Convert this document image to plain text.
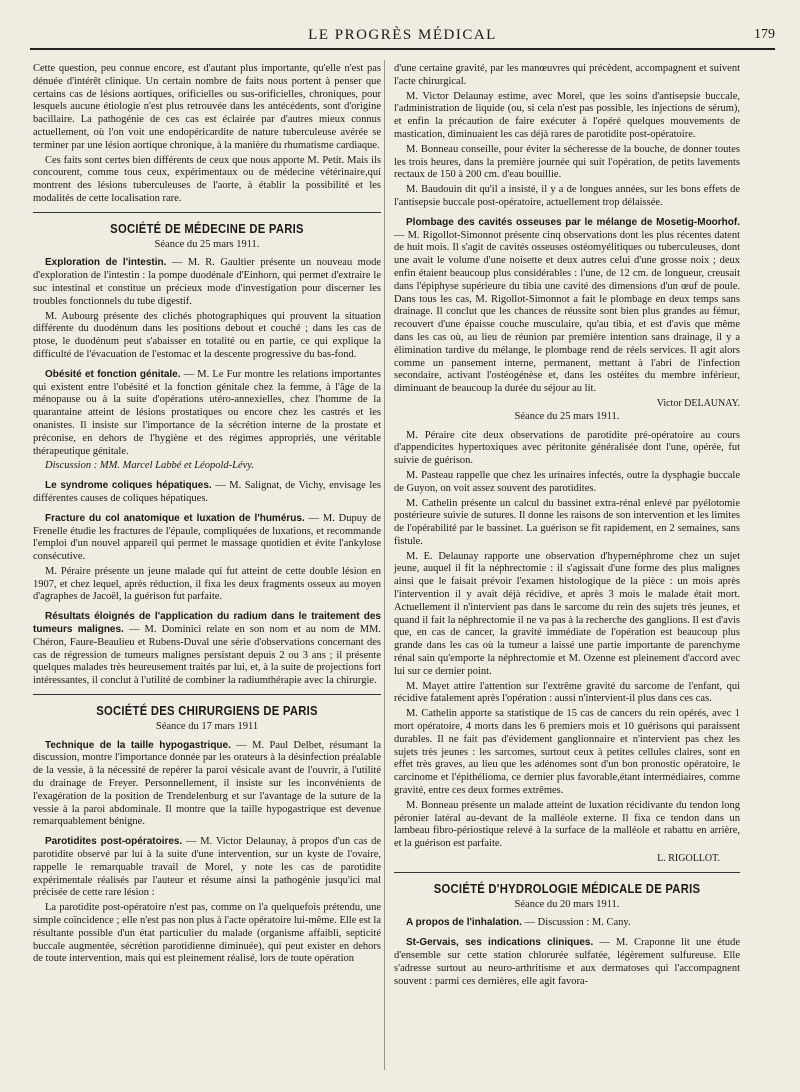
LE PROGRÈS MÉDICAL	179

Cette question, peu connue encore, est d'autant plus importante, qu'elle n'est pas dénuée d'intérêt clinique. Un certain nombre de faits nous portent à penser que certains cas de lésions aortiques, orificielles ou sus-orificielles, chroniques, pour lesquels aucune étiologie n'est plus retrouvée dans les antécédents, sont d'origine bacillaire. La pathogénie de ces cas est éclairée par d'autres mieux connus actuellement, où l'on voit une endopéricardite de nature tuberculeuse avérée se terminer par une lésion aortique chronique, à la manière du rhumatisme cardiaque.

Ces faits sont certes bien différents de ceux que nous apporte M. Petit. Mais ils concourent, comme tous ceux, expérimentaux ou de médecine vétérinaire,qui montrent des lésions tuberculeuses de l'aorte, à établir la possibilité et les modalités de cette localisation rare.

SOCIÉTÉ DE MÉDECINE DE PARIS
Séance du 25 mars 1911.

Exploration de l'intestin. — M. R. Gaultier présente un nouveau mode d'exploration de l'intestin : la pompe duodénale d'Einhorn, qui permet d'extraire le suc intestinal et constitue un précieux mode d'investigation pour discerner les troubles fonctionnels du tube digestif.

M. Aubourg présente des clichés photographiques qui prouvent la situation différente du duodénum dans les positions debout et couché ; dans les cas de ptose, le duodénum peut s'abaisser en totalité ou en partie, ce qui explique la difficulté de l'évacuation de l'estomac et la descente progressive du bas-fond.

Obésité et fonction génitale. — M. Le Fur montre les relations importantes qui existent entre l'obésité et la fonction génitale chez la femme, à l'âge de la ménopause ou à la suite d'opérations utéro-annexielles, chez l'homme de la quarantaine atteint de lésions prostatiques ou encore chez les castrés et les onanistes. Il insiste sur l'importance de la sécrétion interne de la prostate et préconise, en dehors de l'hygiène et des régimes appropriés, une véritable thérapeutique génitale.

Discussion : MM. Marcel Labbé et Léopold-Lévy.

Le syndrome coliques hépatiques. — M. Salignat, de Vichy, envisage les différentes causes de coliques hépatiques.

Fracture du col anatomique et luxation de l'humérus. — M. Dupuy de Frenelle étudie les fractures de l'épaule, compliquées de luxations, et recommande l'emploi d'un nouvel appareil qui permet le massage quotidien et évite l'ankylose consécutive.

M. Péraire présente un jeune malade qui fut atteint de cette double lésion en 1907, et chez lequel, après réduction, il fixa les deux fragments osseux au moyen d'agraphes de Jacoël, la guérison fut parfaite.

Résultats éloignés de l'application du radium dans le traitement des tumeurs malignes. — M. Dominici relate en son nom et au nom de MM. Chéron, Faure-Beaulieu et Rubens-Duval une série d'observations concernant des cas de régression de tumeurs malignes persistant depuis 2 ou 3 ans ; il présente quelques malades très heureusement traités par lui, et, à la suite de projections fort intéressantes, il conclut à l'utilité de combiner la radiumthérapie avec la chirurgie.

SOCIÉTÉ DES CHIRURGIENS DE PARIS
Séance du 17 mars 1911

Technique de la taille hypogastrique. — M. Paul Delbet, résumant la discussion, montre l'importance donnée par les orateurs à la désinfection préalable de la vessie, à la nécessité de repérer la paroi vésicale avant de l'ouvrir, à l'utilité du drainage de Freyer. Personnellement, il insiste sur les inconvénients de l'exagération de la position de Trendelenburg et sur l'avantage de la suture de la vessie à la paroi abdominale. Il montre que la taille hypogastrique est devenue remarquablement bénigne.

Parotidites post-opératoires. — M. Victor Delaunay, à propos d'un cas de parotidite observé par lui à la suite d'une intervention, sur un kyste de l'ovaire, rappelle le remarquable travail de Morel, y note les cas de parotidite expérimentale réalisés par l'auteur et résume ainsi la pathogénie jusqu'ici mal précisée de cette rare lésion :

La parotidite post-opératoire n'est pas, comme on l'a quelquefois prétendu, une simple coïncidence ; elle n'est pas non plus à l'acte opératoire lui-même. Elle est la résultante possible d'un état particulier du malade (organisme affaibli, septicité buccale augmentée, sécrétion parotidienne diminuée), qui peut exister en dehors de toute intervention, mais qui est pleinement réalisé, lors de toute opération

d'une certaine gravité, par les manœuvres qui précèdent, accompagnent et suivent l'acte chirurgical.

M. Victor Delaunay estime, avec Morel, que les soins d'antisepsie buccale, l'administration de liquide (ou, si cela n'est pas possible, les injections de sérum), et enfin la précaution de faire exécuter à l'opéré quelques mouvements de mastication, diminuaient les cas déjà rares de parotidite post-opératoire.

M. Bonneau conseille, pour éviter la sécheresse de la bouche, de donner toutes les trois heures, dans la première journée qui suit l'opération, de petits lavements rectaux de 150 à 200 cm. d'eau bouillie.

M. Baudouin dit qu'il a insisté, il y a de longues années, sur les bons effets de l'antisepsie buccale post-opératoire, actuellement trop délaissée.

Plombage des cavités osseuses par le mélange de Mosetig-Moorhof. — M. Rigollot-Simonnot présente cinq observations dont les plus récentes datent de huit mois. Il s'agit de cavités osseuses ostéomyélitiques ou tuberculeuses, dont une avait le volume d'une noisette et deux autres celui d'une grosse noix ; deux enfin étaient beaucoup plus considérables : l'une, de 12 cm. de longueur, creusait dans l'épiphyse supérieure du tibia une cavité des dimensions d'un œuf de poule. Dans tous les cas, M. Rigollot-Simonnot a fait le plombage en deux temps sans drainage. Il conclut que les chances de réussite sont bien plus grandes au fémur, recouvert d'une épaisse couche musculaire, qu'au tibia, et est d'avis que même dans les cas où, au lieu de réunion par première intention sans drainage, il y a élimination tardive du mélange, le plombage rend de réels services. Il agit alors comme un pansement interne, permanent, mettant à l'abri de l'infection secondaire, activant l'ostéogénèse et, dans les ostéites du membre inférieur, diminuant de beaucoup la durée du séjour au lit.

Victor DELAUNAY.
Séance du 25 mars 1911.

M. Péraire cite deux observations de parotidite pré-opératoire au cours d'appendicites hypertoxiques avec péritonite généralisée dont l'une, opérée, fut suivie de guérison.

M. Pasteau rappelle que chez les urinaires infectés, outre la dysphagie buccale de Guyon, on voit assez souvent des parotidites.

M. Cathelin présente un calcul du bassinet extra-rénal enlevé par pyélotomie postérieure suivie de sutures. Il donne les raisons de son intervention et les limites de l'opérabilité par le bassinet. La guérison se fit rapidement, en 2 semaines, sans fistule.

M. E. Delaunay rapporte une observation d'hypernéphrome chez un sujet jeune, auquel il fit la néphrectomie : il s'agissait d'une forme des plus malignes ainsi que le faisait prévoir l'examen histologique de la pièce : un mois après l'intervention il y avait déjà récidive, et après 3 mois le malade était mort. Actuellement il n'intervient pas dans le sarcome du rein des sujets très jeunes, et quand il fait la néphrectomie il ne va pas à la recherche des ganglions. Il est d'avis que, en cas de cancer, la gravité immédiate de l'opération est beaucoup plus grande dans les cas où la tumeur a laissé une partie importante de parenchyme rénal sain qu'emporte la néphrectomie et M. Ozenne est pleinement d'accord avec lui sur ce dernier point.

M. Mayet attire l'attention sur l'extrême gravité du sarcome de l'enfant, qui récidive fatalement après l'opération : aussi n'intervient-il plus dans ces cas.

M. Cathelin apporte sa statistique de 15 cas de cancers du rein opérés, avec 1 mort opératoire, 4 morts dans les 6 premiers mois et 10 guérisons qui paraissent durables. Il ne fait pas d'évidement ganglionnaire et n'intervient pas chez les sujets très jeunes : les sarcomes, surtout ceux à petites cellules claires, sont en effet très graves, au lieu que les adénomes sont d'un bon pronostic opératoire, le carcinome et l'épithélioma, ce dernier plus favorable,étant intermédiaires, comme gravité, entre ces deux formes extrêmes.

M. Bonneau présente un malade atteint de luxation récidivante du tendon long péronier latéral au-devant de la malléole externe. Il fixa ce tendon dans un lambeau fibro-périostique relevé à la surface de la malléole et rabattu en arrière, et la guérison est parfaite.

L. RIGOLLOT.
SOCIÉTÉ D'HYDROLOGIE MÉDICALE DE PARIS
Séance du 20 mars 1911.

A propos de l'inhalation. — Discussion : M. Cany.

St-Gervais, ses indications cliniques. — M. Craponne lit une étude d'ensemble sur cette station chlorurée sulfatée, légèrement sulfureuse. Elle s'adresse surtout au neuro-arthritisme et aux dermatoses qui l'accompagnent souvent : parmi ces dernières, elle agit favora-
